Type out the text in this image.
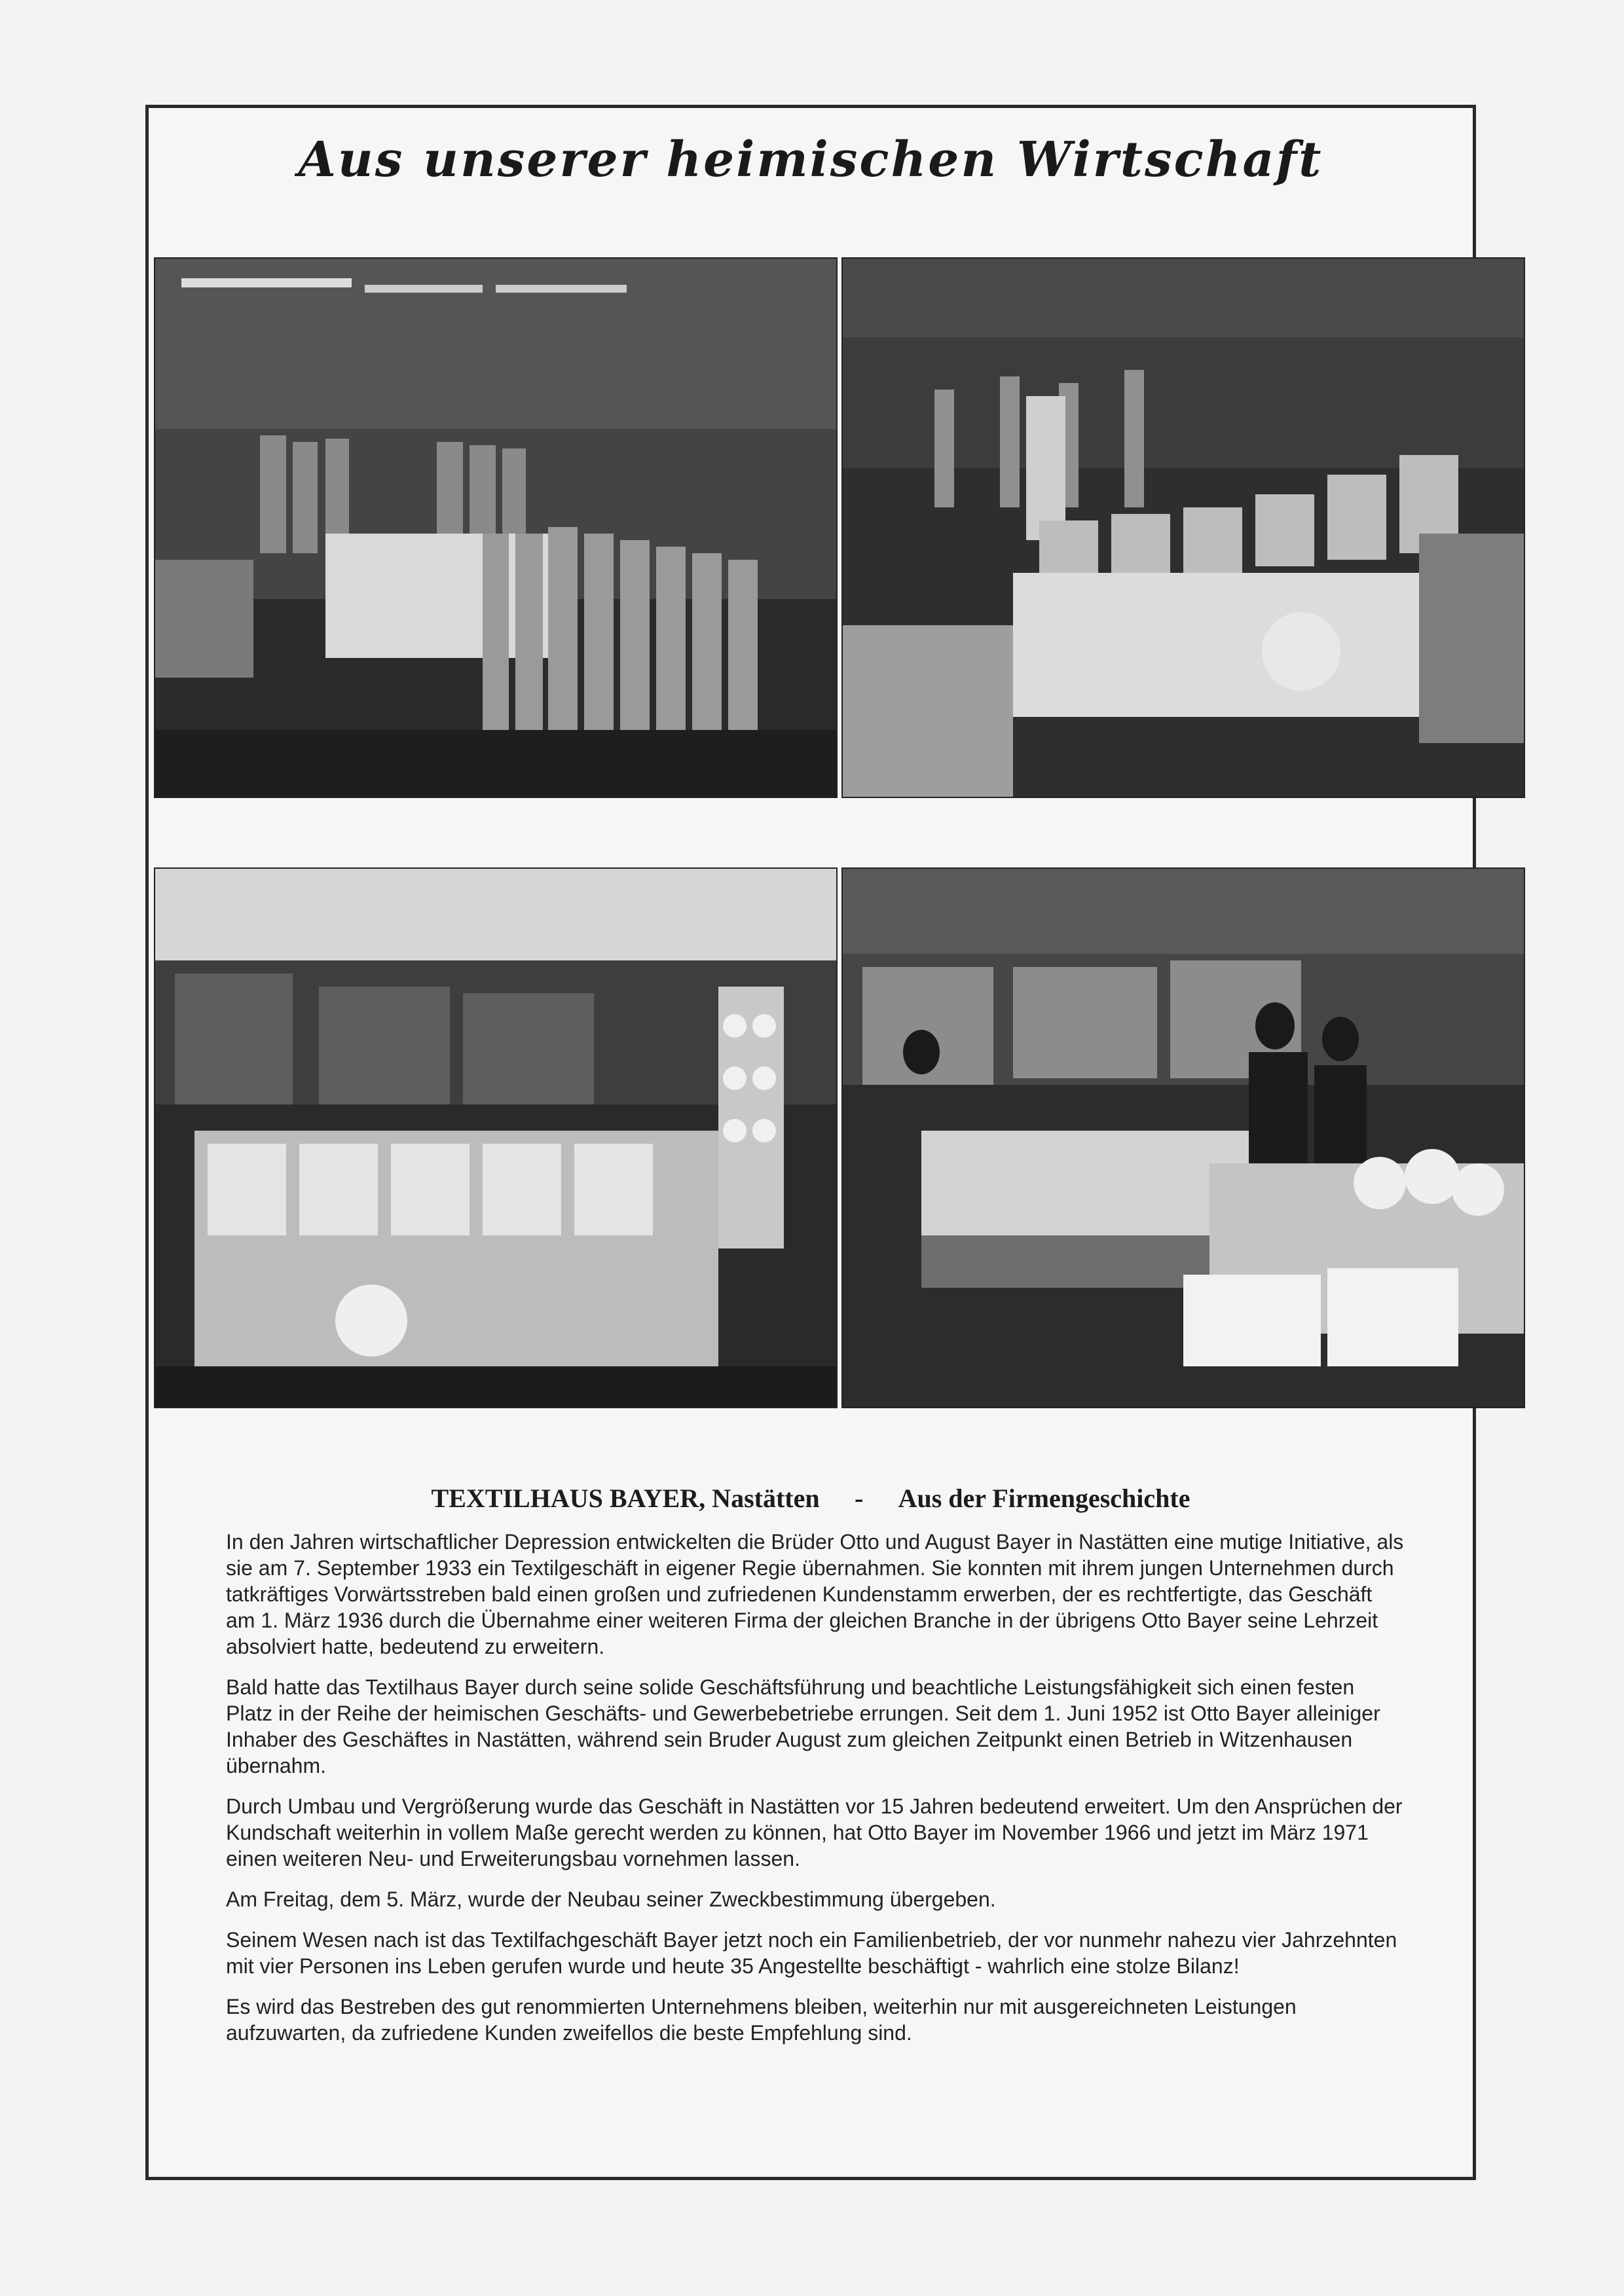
Aus unserer heimischen Wirtschaft
TEXTILHAUS BAYER, Nastätten - Aus der Firmengeschichte

In den Jahren wirtschaftlicher Depression entwickelten die Brüder Otto und August Bayer in Nastätten eine mutige Initiative, als sie am 7. September 1933 ein Textilgeschäft in eigener Regie übernahmen. Sie konnten mit ihrem jungen Unternehmen durch tatkräftiges Vorwärtsstreben bald einen großen und zufriedenen Kundenstamm erwerben, der es rechtfertigte, das Geschäft am 1. März 1936 durch die Übernahme einer weiteren Firma der gleichen Branche in der übrigens Otto Bayer seine Lehrzeit absolviert hatte, bedeutend zu erweitern.

Bald hatte das Textilhaus Bayer durch seine solide Geschäftsführung und beachtliche Leistungsfähigkeit sich einen festen Platz in der Reihe der heimischen Geschäfts- und Gewerbebetriebe errungen. Seit dem 1. Juni 1952 ist Otto Bayer alleiniger Inhaber des Geschäftes in Nastätten, während sein Bruder August zum gleichen Zeitpunkt einen Betrieb in Witzenhausen übernahm.

Durch Umbau und Vergrößerung wurde das Geschäft in Nastätten vor 15 Jahren bedeutend erweitert. Um den Ansprüchen der Kundschaft weiterhin in vollem Maße gerecht werden zu können, hat Otto Bayer im November 1966 und jetzt im März 1971 einen weiteren Neu- und Erweiterungsbau vornehmen lassen.

Am Freitag, dem 5. März, wurde der Neubau seiner Zweckbestimmung übergeben.

Seinem Wesen nach ist das Textilfachgeschäft Bayer jetzt noch ein Familienbetrieb, der vor nunmehr nahezu vier Jahrzehnten mit vier Personen ins Leben gerufen wurde und heute 35 Angestellte beschäftigt - wahrlich eine stolze Bilanz!

Es wird das Bestreben des gut renommierten Unternehmens bleiben, weiterhin nur mit ausgereichneten Leistungen aufzuwarten, da zufriedene Kunden zweifellos die beste Empfehlung sind.
